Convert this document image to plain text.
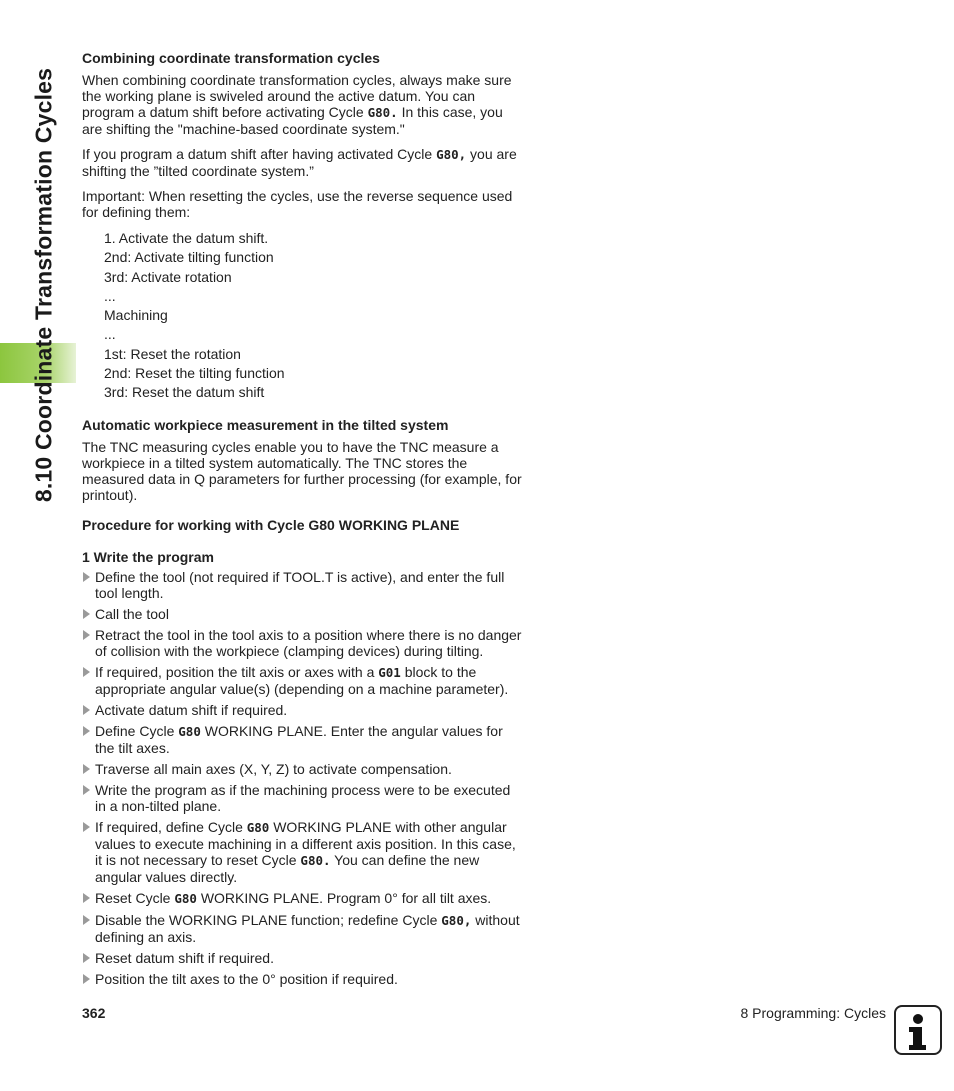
8.10 Coordinate Transformation Cycles
Combining coordinate transformation cycles

When combining coordinate transformation cycles, always make sure the working plane is swiveled around the active datum. You can program a datum shift before activating Cycle G80. In this case, you are shifting the "machine-based coordinate system."

If you program a datum shift after having activated Cycle G80, you are shifting the ”tilted coordinate system.”

Important: When resetting the cycles, use the reverse sequence used for defining them:

1. Activate the datum shift.
2nd: Activate tilting function
3rd: Activate rotation
...
Machining
...
1st: Reset the rotation
2nd: Reset the tilting function
3rd: Reset the datum shift
Automatic workpiece measurement in the tilted system

The TNC measuring cycles enable you to have the TNC measure a workpiece in a tilted system automatically. The TNC stores the measured data in Q parameters for further processing (for example, for printout).

Procedure for working with Cycle G80 WORKING PLANE
1 Write the program
Define the tool (not required if TOOL.T is active), and enter the full tool length.
Call the tool
Retract the tool in the tool axis to a position where there is no danger of collision with the workpiece (clamping devices) during tilting.
If required, position the tilt axis or axes with a G01 block to the appropriate angular value(s) (depending on a machine parameter).
Activate datum shift if required.
Define Cycle G80 WORKING PLANE. Enter the angular values for the tilt axes.
Traverse all main axes (X, Y, Z) to activate compensation.
Write the program as if the machining process were to be executed in a non-tilted plane.
If required, define Cycle G80 WORKING PLANE with other angular values to execute machining in a different axis position. In this case, it is not necessary to reset Cycle G80. You can define the new angular values directly.
Reset Cycle G80 WORKING PLANE. Program 0° for all tilt axes.
Disable the WORKING PLANE function; redefine Cycle G80, without defining an axis.
Reset datum shift if required.
Position the tilt axes to the 0° position if required.
362	8 Programming: Cycles
